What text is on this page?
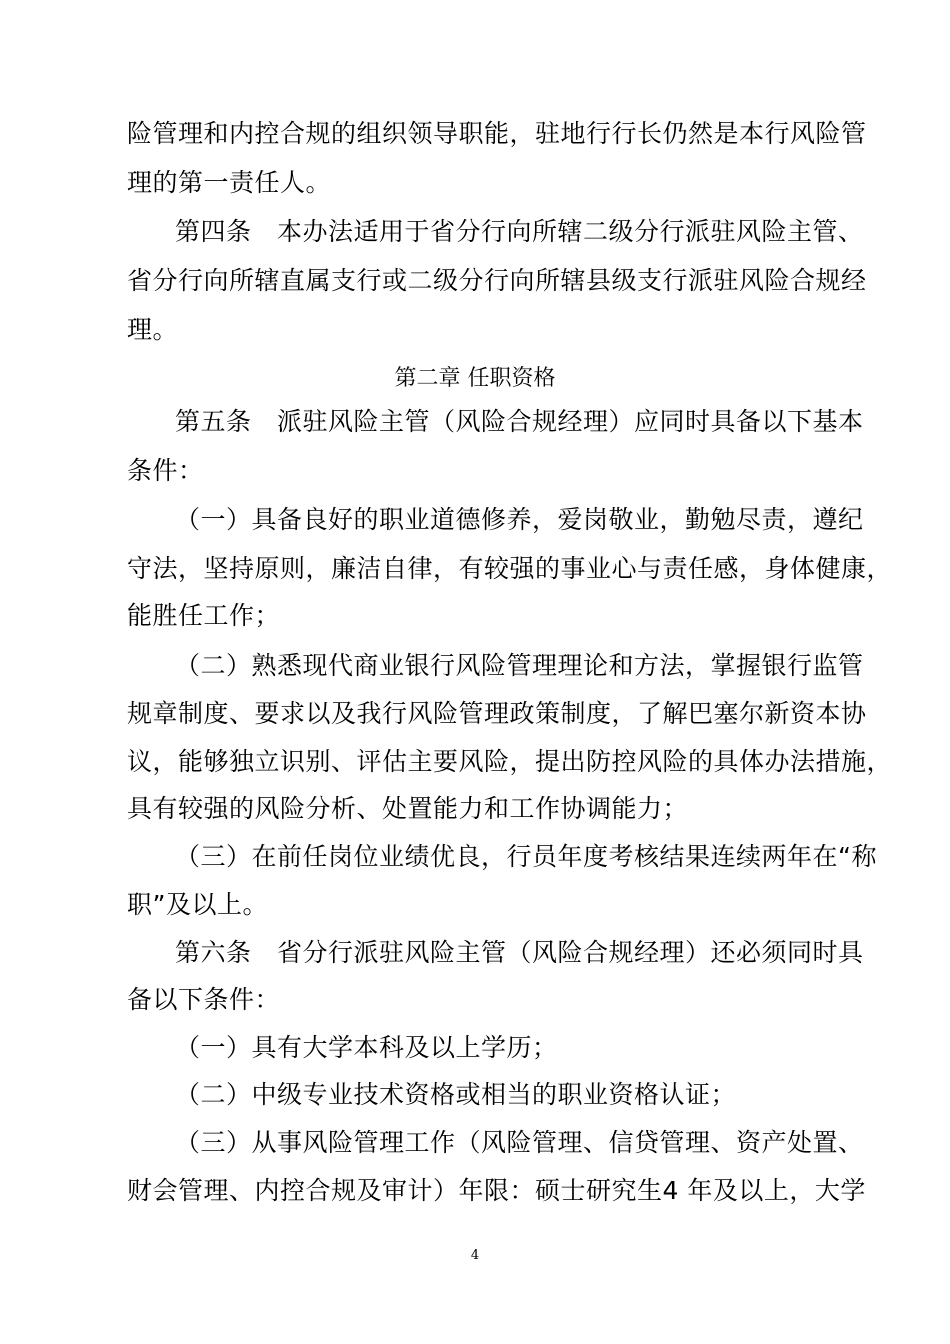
险管理和内控合规的组织领导职能，驻地行行长仍然是本行风险管
理的第一责任人。
第四条　本办法适用于省分行向所辖二级分行派驻风险主管、
省分行向所辖直属支行或二级分行向所辖县级支行派驻风险合规经
理。
第二章 任职资格
第五条　派驻风险主管（风险合规经理）应同时具备以下基本
条件：
（一）具备良好的职业道德修养，爱岗敬业，勤勉尽责，遵纪
守法，坚持原则，廉洁自律，有较强的事业心与责任感，身体健康，
能胜任工作；
（二）熟悉现代商业银行风险管理理论和方法，掌握银行监管
规章制度、要求以及我行风险管理政策制度，了解巴塞尔新资本协
议，能够独立识别、评估主要风险，提出防控风险的具体办法措施，
具有较强的风险分析、处置能力和工作协调能力；
（三）在前任岗位业绩优良，行员年度考核结果连续两年在“称
职”及以上。
第六条　省分行派驻风险主管（风险合规经理）还必须同时具
备以下条件：
（一）具有大学本科及以上学历；
（二）中级专业技术资格或相当的职业资格认证；
（三）从事风险管理工作（风险管理、信贷管理、资产处置、
财会管理、内控合规及审计）年限：硕士研究生4 年及以上，大学
4
